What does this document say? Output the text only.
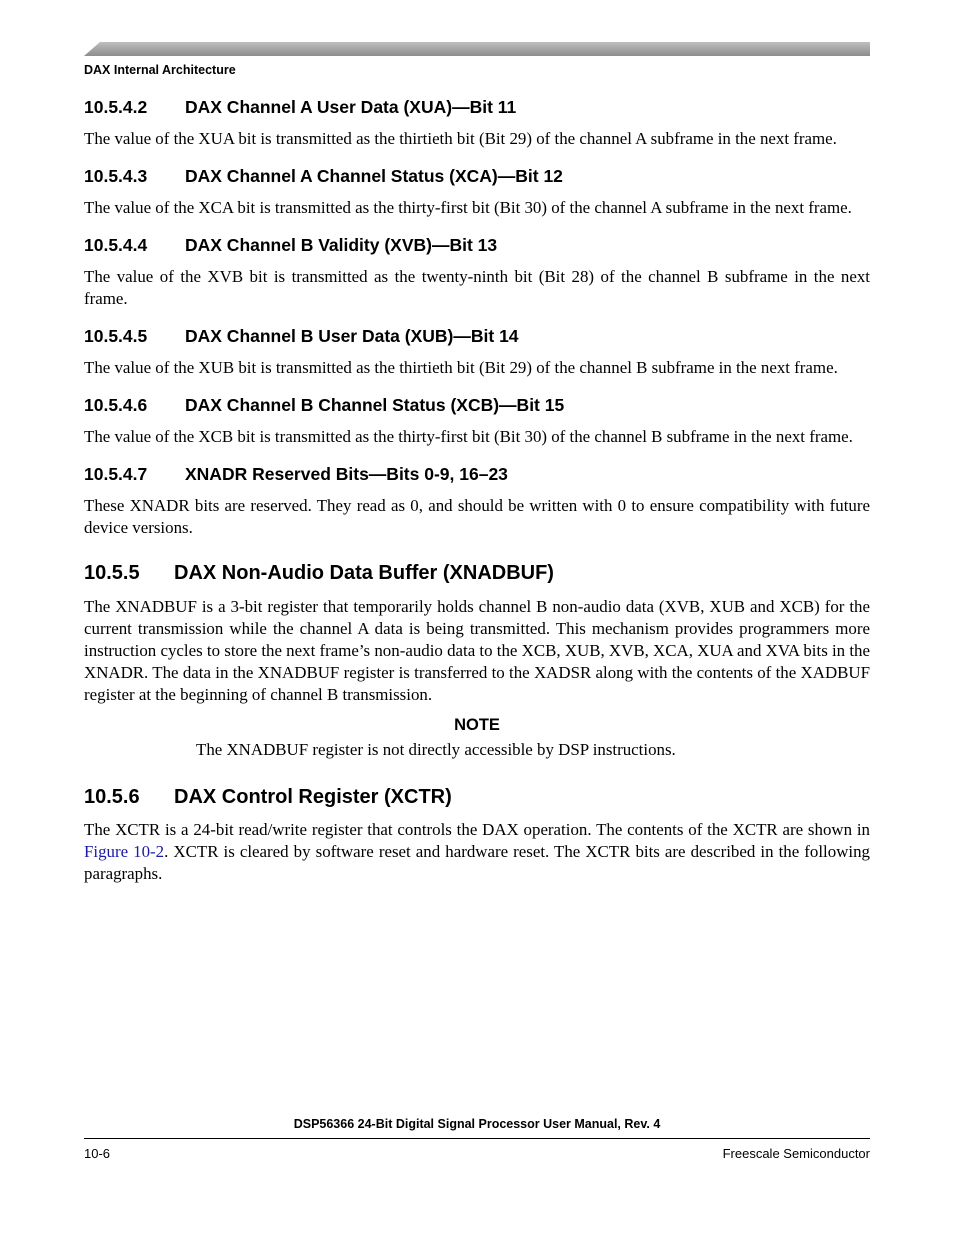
DAX Internal Architecture
10.5.4.2	DAX Channel A User Data (XUA)—Bit 11

The value of the XUA bit is transmitted as the thirtieth bit (Bit 29) of the channel A subframe in the next frame.

10.5.4.3	DAX Channel A Channel Status (XCA)—Bit 12

The value of the XCA bit is transmitted as the thirty-first bit (Bit 30) of the channel A subframe in the next frame.

10.5.4.4	DAX Channel B Validity (XVB)—Bit 13

The value of the XVB bit is transmitted as the twenty-ninth bit (Bit 28) of the channel B subframe in the next frame.

10.5.4.5	DAX Channel B User Data (XUB)—Bit 14

The value of the XUB bit is transmitted as the thirtieth bit (Bit 29) of the channel B subframe in the next frame.

10.5.4.6	DAX Channel B Channel Status (XCB)—Bit 15

The value of the XCB bit is transmitted as the thirty-first bit (Bit 30) of the channel B subframe in the next frame.

10.5.4.7	XNADR Reserved Bits—Bits 0-9, 16–23

These XNADR bits are reserved. They read as 0, and should be written with 0 to ensure compatibility with future device versions.

10.5.5	DAX Non-Audio Data Buffer (XNADBUF)

The XNADBUF is a 3-bit register that temporarily holds channel B non-audio data (XVB, XUB and XCB) for the current transmission while the channel A data is being transmitted. This mechanism provides programmers more instruction cycles to store the next frame’s non-audio data to the XCB, XUB, XVB, XCA, XUA and XVA bits in the XNADR. The data in the XNADBUF register is transferred to the XADSR along with the contents of the XADBUF register at the beginning of channel B transmission.

NOTE
The XNADBUF register is not directly accessible by DSP instructions.
10.5.6	DAX Control Register (XCTR)

The XCTR is a 24-bit read/write register that controls the DAX operation. The contents of the XCTR are shown in Figure 10-2. XCTR is cleared by software reset and hardware reset. The XCTR bits are described in the following paragraphs.

DSP56366 24-Bit Digital Signal Processor User Manual, Rev. 4
10-6	Freescale Semiconductor
